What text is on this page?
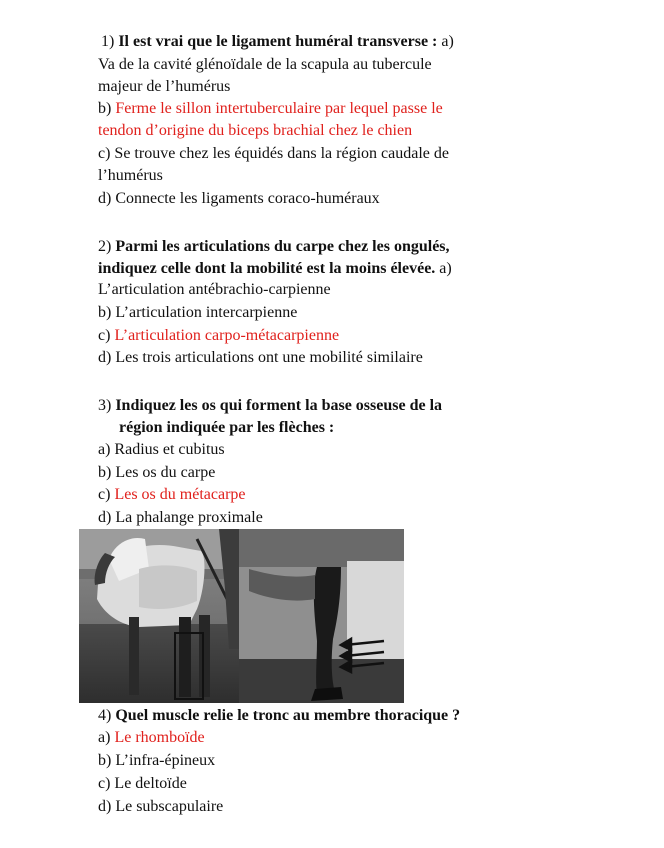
1) Il est vrai que le ligament huméral transverse : a)
Va de la cavité glénoïdale de la scapula au tubercule
majeur de l’humérus
b) Ferme le sillon intertuberculaire par lequel passe le
tendon d’origine du biceps brachial chez le chien
c) Se trouve chez les équidés dans la région caudale de
l’humérus
d) Connecte les ligaments coraco-huméraux
2) Parmi les articulations du carpe chez les ongulés,
indiquez celle dont la mobilité est la moins élevée. a)
L’articulation antébrachio-carpienne
b) L’articulation intercarpienne
c) L’articulation carpo-métacarpienne
d) Les trois articulations ont une mobilité similaire
3) Indiquez les os qui forment la base osseuse de la
région indiquée par les flèches :
a) Radius et cubitus
b) Les os du carpe
c) Les os du métacarpe
d) La phalange proximale
4) Quel muscle relie le tronc au membre thoracique ?
a) Le rhomboïde
b) L’infra-épineux
c) Le deltoïde
d) Le subscapulaire
